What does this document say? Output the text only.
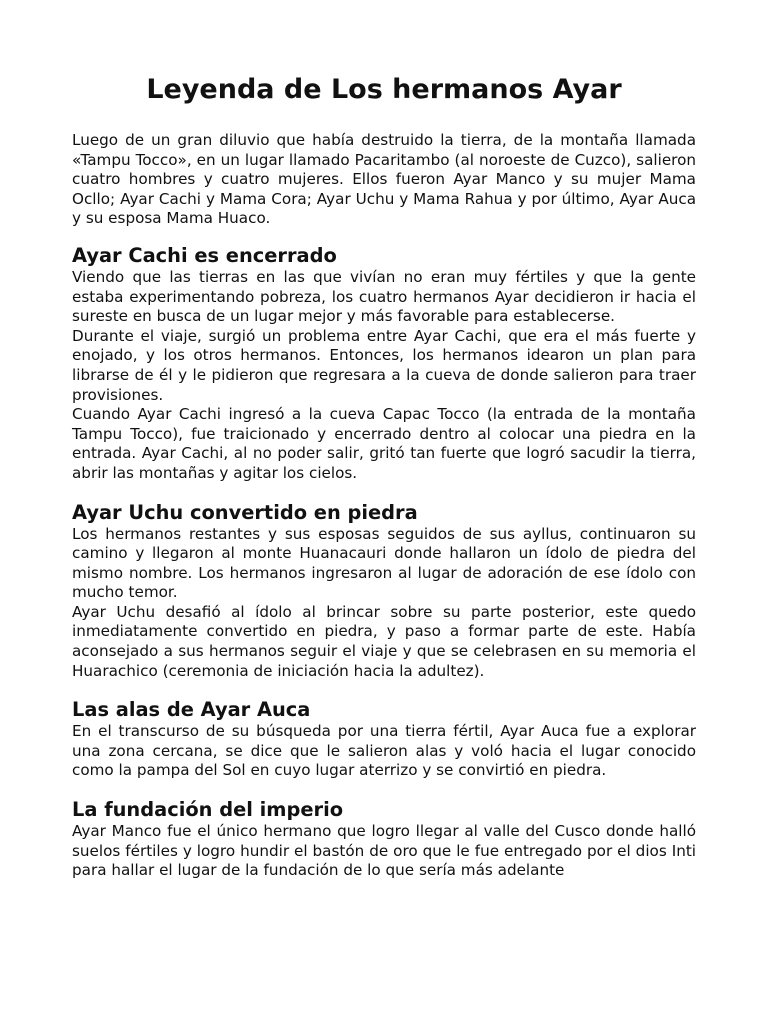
Leyenda de Los hermanos Ayar

Luego de un gran diluvio que había destruido la tierra, de la montaña llamada «Tampu Tocco», en un lugar llamado Pacaritambo (al noroeste de Cuzco), salieron cuatro hombres y cuatro mujeres. Ellos fueron Ayar Manco y su mujer Mama Ocllo; Ayar Cachi y Mama Cora; Ayar Uchu y Mama Rahua y por último, Ayar Auca y su esposa Mama Huaco.

Ayar Cachi es encerrado

Viendo que las tierras en las que vivían no eran muy fértiles y que la gente estaba experimentando pobreza, los cuatro hermanos Ayar decidieron ir hacia el sureste en busca de un lugar mejor y más favorable para establecerse.

Durante el viaje, surgió un problema entre Ayar Cachi, que era el más fuerte y enojado, y los otros hermanos. Entonces, los hermanos idearon un plan para librarse de él y le pidieron que regresara a la cueva de donde salieron para traer provisiones.

Cuando Ayar Cachi ingresó a la cueva Capac Tocco (la entrada de la montaña Tampu Tocco), fue traicionado y encerrado dentro al colocar una piedra en la entrada. Ayar Cachi, al no poder salir, gritó tan fuerte que logró sacudir la tierra, abrir las montañas y agitar los cielos.

Ayar Uchu convertido en piedra

Los hermanos restantes y sus esposas seguidos de sus ayllus, continuaron su camino y llegaron al monte Huanacauri donde hallaron un ídolo de piedra del mismo nombre. Los hermanos ingresaron al lugar de adoración de ese ídolo con mucho temor.

Ayar Uchu desafió al ídolo al brincar sobre su parte posterior, este quedo inmediatamente convertido en piedra, y paso a formar parte de este. Había aconsejado a sus hermanos seguir el viaje y que se celebrasen en su memoria el Huarachico (ceremonia de iniciación hacia la adultez).

Las alas de Ayar Auca

En el transcurso de su búsqueda por una tierra fértil, Ayar Auca fue a explorar una zona cercana, se dice que le salieron alas y voló hacia el lugar conocido como la pampa del Sol en cuyo lugar aterrizo y se convirtió en piedra.

La fundación del imperio

Ayar Manco fue el único hermano que logro llegar al valle del Cusco donde halló suelos fértiles y logro hundir el bastón de oro que le fue entregado por el dios Inti para hallar el lugar de la fundación de lo que sería más adelante
